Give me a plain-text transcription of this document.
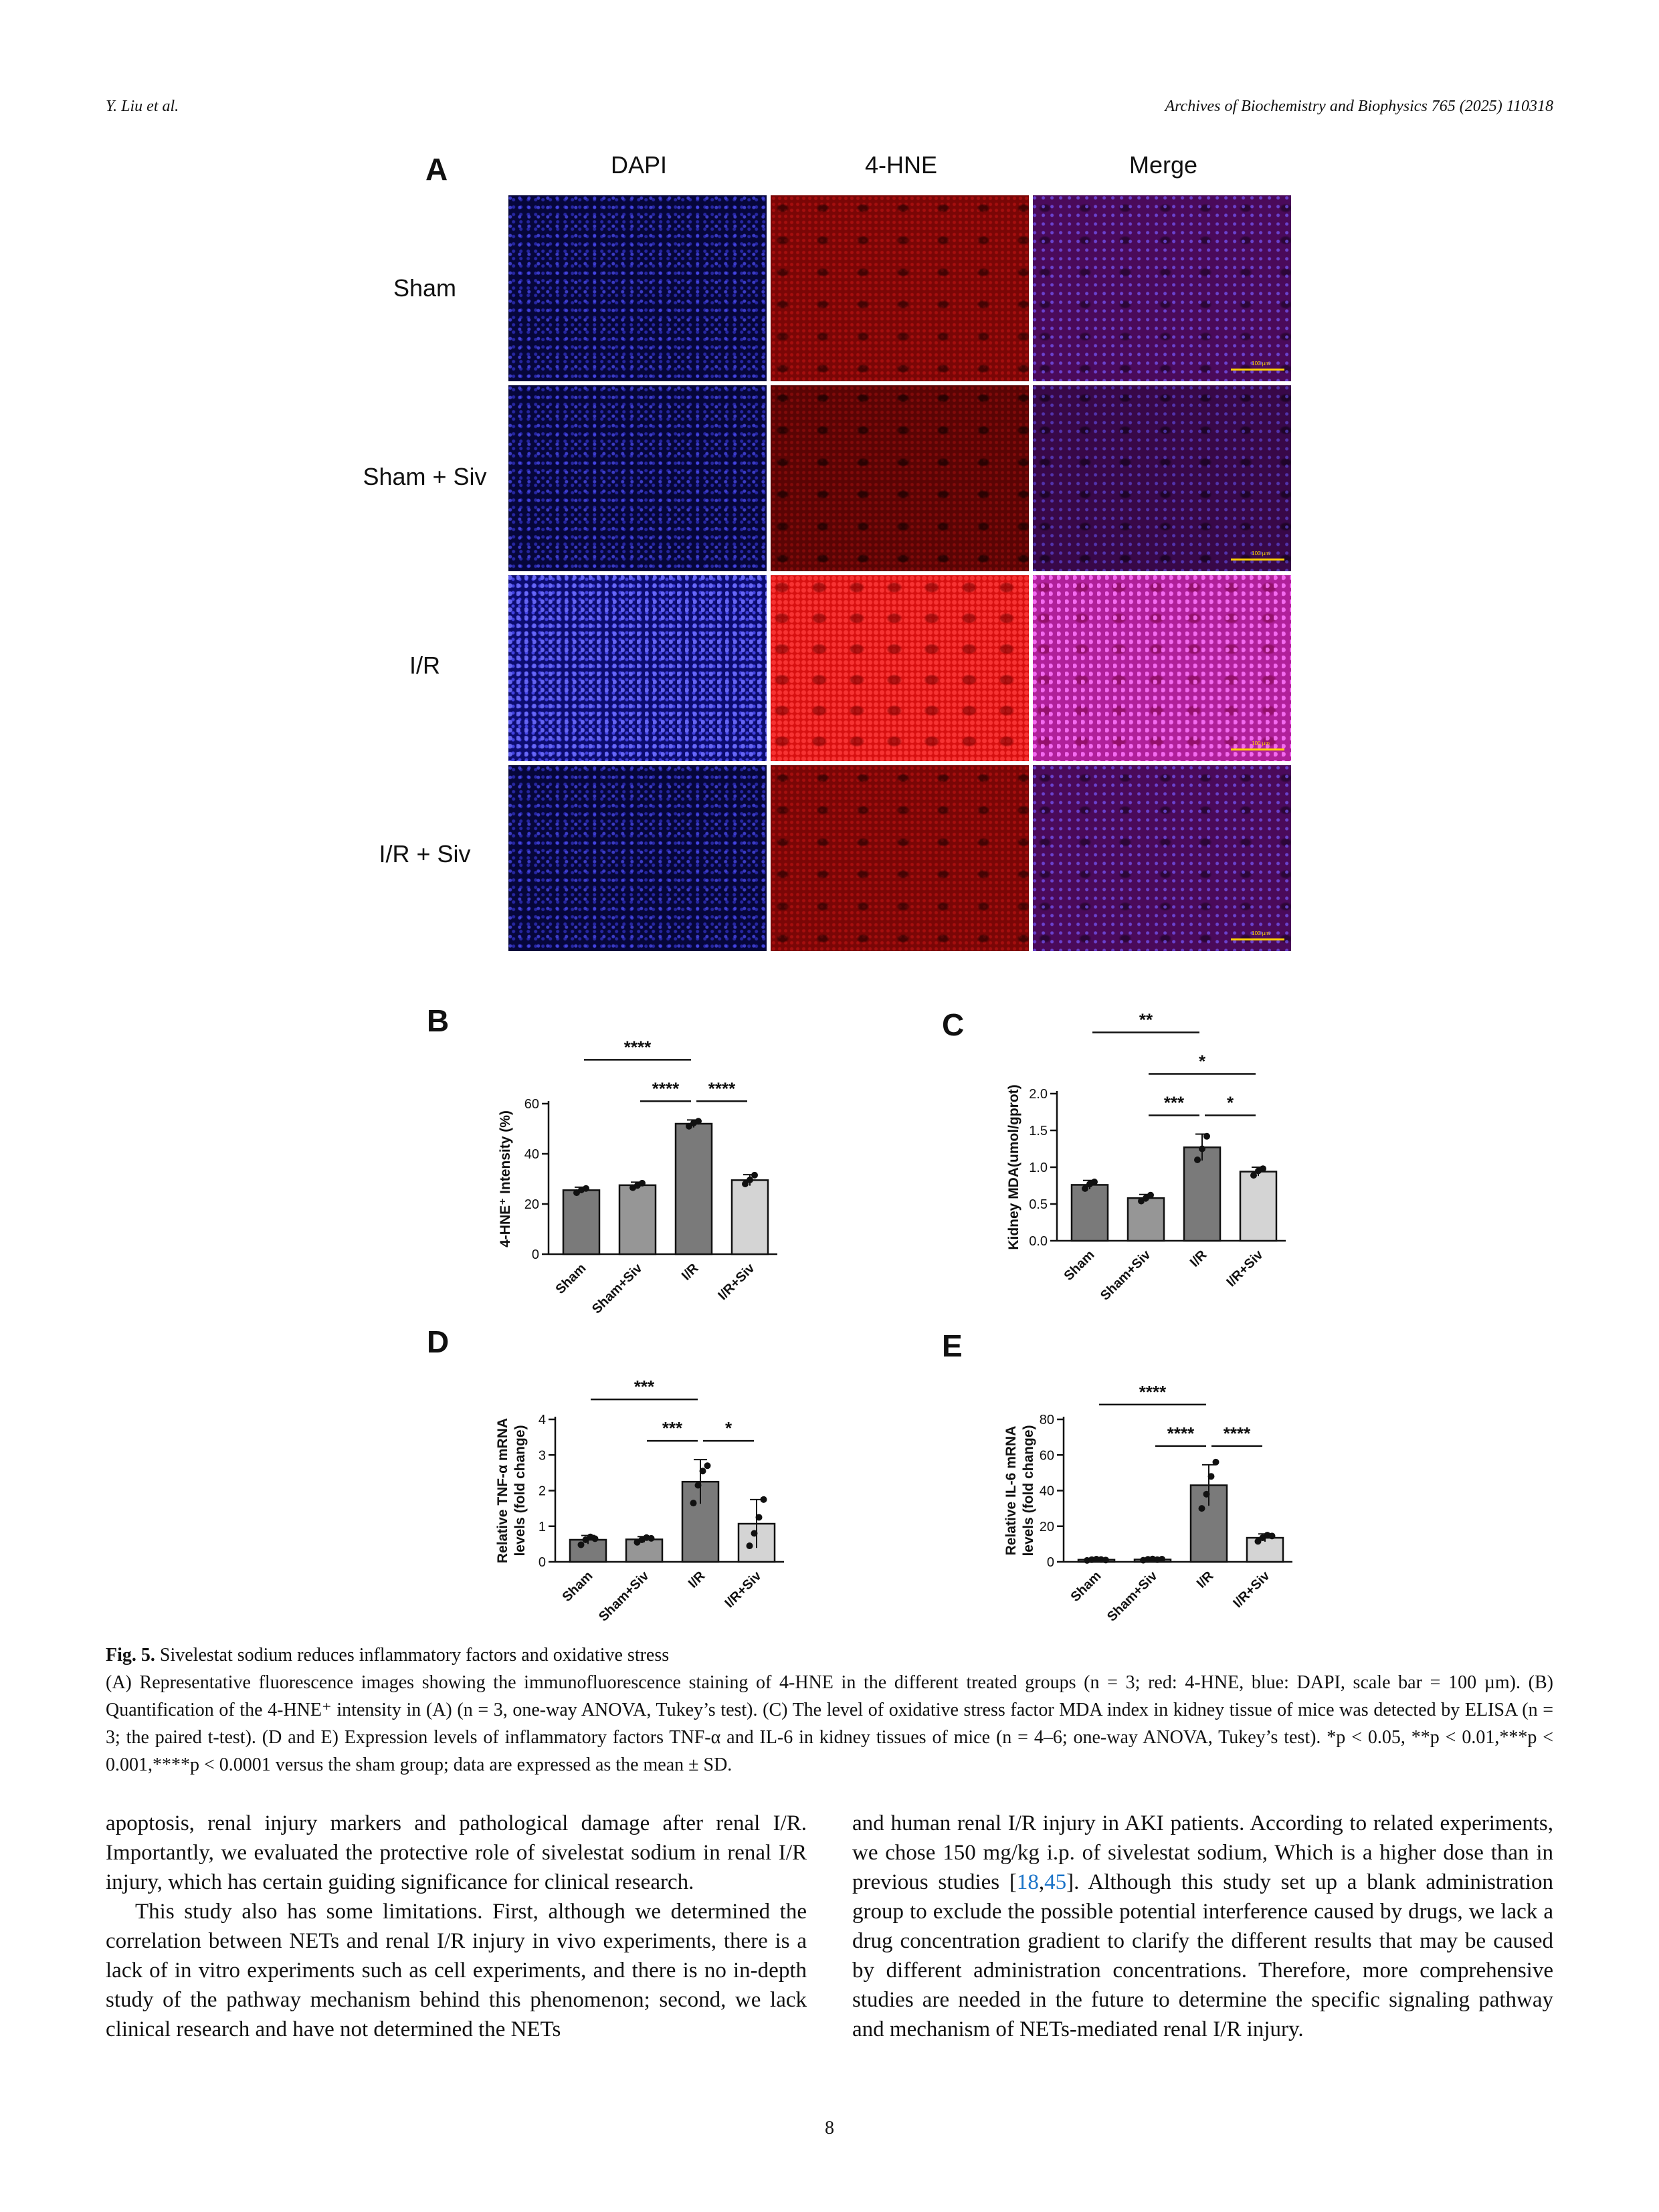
Y. Liu et al.	Archives of Biochemistry and Biophysics 765 (2025) 110318
A	DAPI	4-HNE	Merge
Sham
Sham + Siv
I/R
I/R + Siv
100 µm
100 µm
100 µm
100 µm
B
0
20
40
60
4-HNE⁺ Intensity (%)
Sham Sham+Siv	I/R I/R+Siv
****
****
****
C
0.0
0.5
1.0
1.5
2.0
Kidney MDA(umol/gprot)
Sham Sham+Siv	I/R I/R+Siv
*** *
*
**
D
0
1
2
3
4
Relative TNF-α mRNA levels (fold change)
Sham Sham+Siv	I/R I/R+Siv
*** *
***
E
0
20
40
60
80
Relative IL-6 mRNA levels (fold change)
Sham Sham+Siv	I/R I/R+Siv
****
****
****
Fig. 5. Sivelestat sodium reduces inflammatory factors and oxidative stress
(A) Representative fluorescence images showing the immunofluorescence staining of 4-HNE in the different treated groups (n = 3; red: 4-HNE, blue: DAPI, scale bar = 100 µm). (B) Quantification of the 4-HNE⁺ intensity in (A) (n = 3, one-way ANOVA, Tukey’s test). (C) The level of oxidative stress factor MDA index in kidney tissue of mice was detected by ELISA (n = 3; the paired t-test). (D and E) Expression levels of inflammatory factors TNF-α and IL-6 in kidney tissues of mice (n = 4–6; one-way ANOVA, Tukey’s test). *p < 0.05, **p < 0.01,***p < 0.001,****p < 0.0001 versus the sham group; data are expressed as the mean ± SD.

apoptosis, renal injury markers and pathological damage after renal I/R. Importantly, we evaluated the protective role of sivelestat sodium in renal I/R injury, which has certain guiding significance for clinical research.

This study also has some limitations. First, although we determined the correlation between NETs and renal I/R injury in vivo experiments, there is a lack of in vitro experiments such as cell experiments, and there is no in-depth study of the pathway mechanism behind this phenomenon; second, we lack clinical research and have not determined the NETs

and human renal I/R injury in AKI patients. According to related experiments, we chose 150 mg/kg i.p. of sivelestat sodium, Which is a higher dose than in previous studies [18,45]. Although this study set up a blank administration group to exclude the possible potential interference caused by drugs, we lack a drug concentration gradient to clarify the different results that may be caused by different administration concentrations. Therefore, more comprehensive studies are needed in the future to determine the specific signaling pathway and mechanism of NETs-mediated renal I/R injury.

8
